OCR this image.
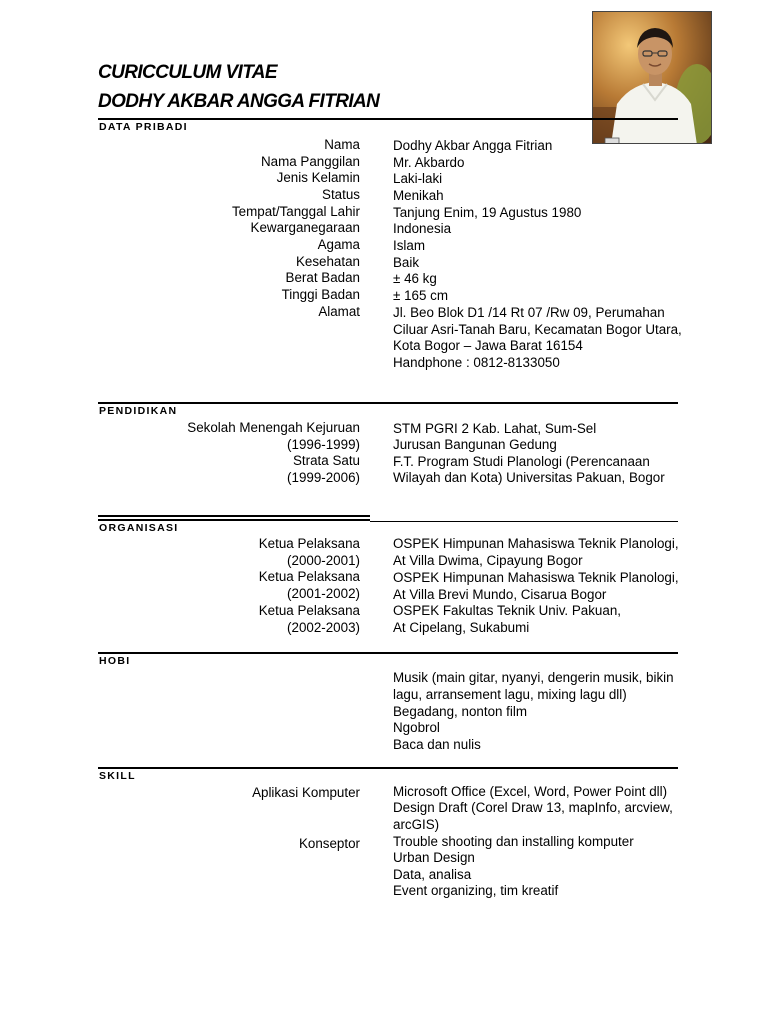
CURICCULUM VITAE
DODHY AKBAR ANGGA FITRIAN
DATA PRIBADI
Nama
Nama Panggilan
Jenis Kelamin
Status
Tempat/Tanggal Lahir
Kewarganegaraan
Agama
Kesehatan
Berat Badan
Tinggi Badan
Alamat
Dodhy Akbar Angga Fitrian
Mr. Akbardo
Laki-laki
Menikah
Tanjung Enim, 19 Agustus 1980
Indonesia
Islam
Baik
± 46 kg
± 165 cm
Jl. Beo Blok D1 /14 Rt 07 /Rw 09, Perumahan
Ciluar Asri-Tanah Baru, Kecamatan Bogor Utara,
Kota Bogor – Jawa Barat 16154
Handphone : 0812-8133050
PENDIDIKAN
Sekolah Menengah Kejuruan
(1996-1999)
Strata Satu
(1999-2006)
STM PGRI 2 Kab. Lahat, Sum-Sel
Jurusan Bangunan Gedung
F.T. Program Studi Planologi (Perencanaan
Wilayah dan Kota) Universitas Pakuan, Bogor
ORGANISASI
Ketua Pelaksana
(2000-2001)
Ketua Pelaksana
(2001-2002)
Ketua Pelaksana
(2002-2003)
OSPEK Himpunan Mahasiswa Teknik Planologi,
At Villa Dwima, Cipayung Bogor
OSPEK Himpunan Mahasiswa Teknik Planologi,
At Villa Brevi Mundo, Cisarua Bogor
OSPEK Fakultas Teknik Univ. Pakuan,
At Cipelang, Sukabumi
HOBI
Musik (main gitar, nyanyi, dengerin musik, bikin
lagu, arransement lagu, mixing lagu dll)
Begadang, nonton film
Ngobrol
Baca dan nulis
SKILL
Aplikasi Komputer
Konseptor
Microsoft Office (Excel, Word, Power Point dll)
Design Draft (Corel Draw 13, mapInfo, arcview,
arcGIS)
Trouble shooting dan installing komputer
Urban Design
Data, analisa
Event organizing, tim kreatif
